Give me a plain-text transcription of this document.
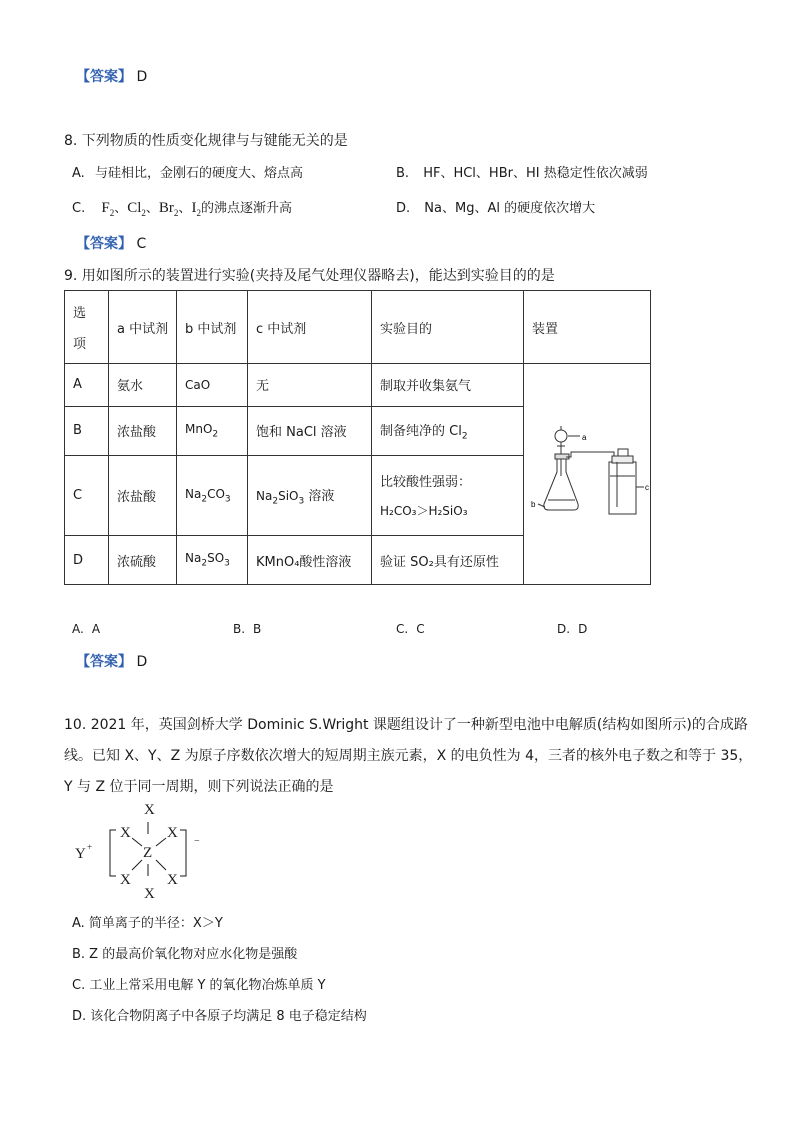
【答案】 D
8. 下列物质的性质变化规律与与键能无关的是
A. 与硅相比，金刚石的硬度大、熔点高	B. HF、HCl、HBr、HI 热稳定性依次减弱
C. $F_2$、$Cl_2$、$Br_2$、$I_2$的沸点逐渐升高	D. Na、Mg、Al 的硬度依次增大
【答案】 C
9. 用如图所示的装置进行实验(夹持及尾气处理仪器略去)，能达到实验目的的是
选
项	a 中试剂	b 中试剂	c 中试剂	实验目的	装置
A	氨水	CaO	无	制取并收集氨气	a
b
c

B	浓盐酸	MnO$_2$	饱和 NaCl 溶液	制备纯净的 $Cl_2$
C	浓盐酸	$Na_2CO_3$	$Na_2SiO_3$ 溶液	比较酸性强弱：
H₂CO₃＞H₂SiO₃	

D	浓硫酸	$Na_2SO_3$	KMnO₄酸性溶液	验证 SO₂具有还原性	
A. A	B. B	C. C	D. D
【答案】 D
10. 2021 年，英国剑桥大学 Dominic S.Wright 课题组设计了一种新型电池中电解质(结构如图所示)的合成路
线。已知 X、Y、Z 为原子序数依次增大的短周期主族元素，X 的电负性为 4，三者的核外电子数之和等于 35，
Y 与 Z 位于同一周期，则下列说法正确的是
X
X X
Z
X X
X
Y +	−
A. 简单离子的半径：X＞Y
B. Z 的最高价氧化物对应水化物是强酸
C. 工业上常采用电解 Y 的氧化物冶炼单质 Y
D. 该化合物阴离子中各原子均满足 8 电子稳定结构
